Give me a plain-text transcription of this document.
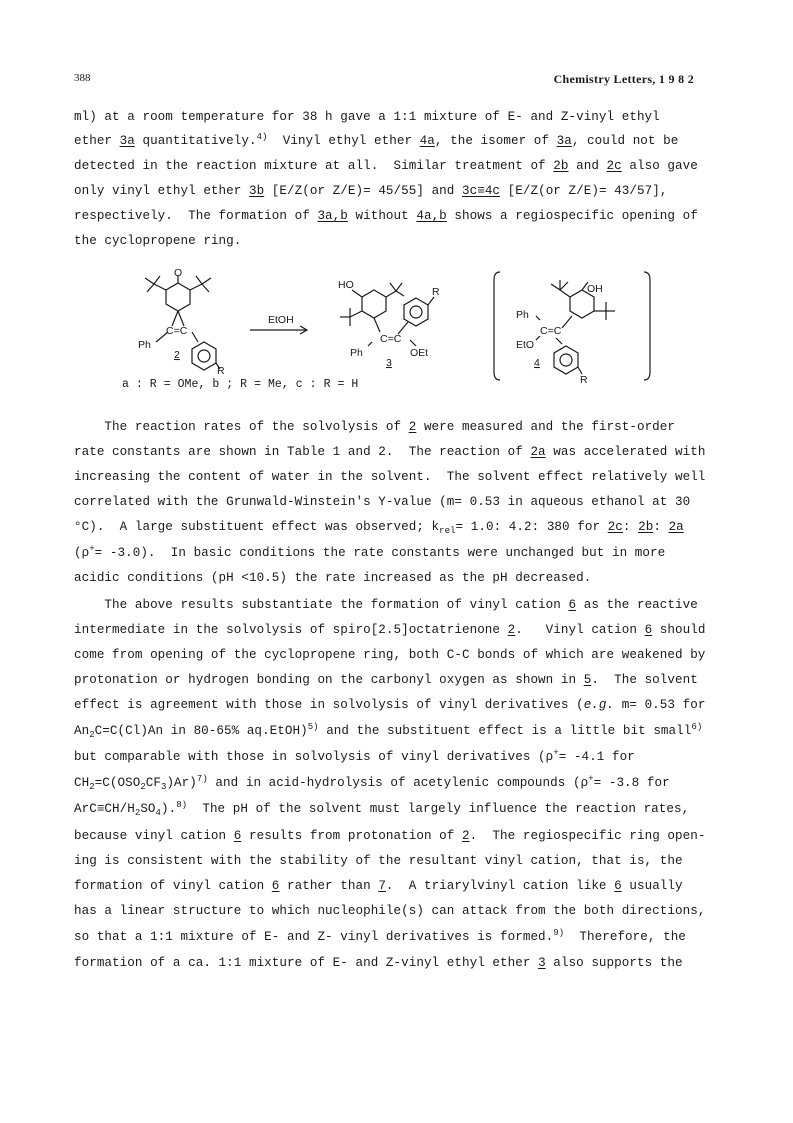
388	Chemistry Letters, 1 9 8 2
ml) at a room temperature for 38 h gave a 1:1 mixture of E- and Z-vinyl ethyl
ether 3a quantitatively.$^{4)}$  Vinyl ethyl ether 4a, the isomer of 3a, could not be
detected in the reaction mixture at all.  Similar treatment of 2b and 2c also gave
only vinyl ethyl ether 3b [E/Z(or Z/E)= 45/55] and 3c≡4c [E/Z(or Z/E)= 43/57],
respectively.  The formation of 3a,b without 4a,b shows a regiospecific opening of
the cyclopropene ring.
O
Ph
C=C
2
R
EtOH
HO
R
C=C
Ph	OEt
3
OH
Ph
C=C
EtO
4
R
a : R = OMe, b ; R = Me, c : R = H
The reaction rates of the solvolysis of 2 were measured and the first-order
rate constants are shown in Table 1 and 2.  The reaction of 2a was accelerated with
increasing the content of water in the solvent.  The solvent effect relatively well
correlated with the Grunwald-Winstein's Y-value (m= 0.53 in aqueous ethanol at 30
°C).  A large substituent effect was observed; $k_{rel}= 1.0$: 4.2: 380 for 2c: 2b: 2a
(ρ+= -3.0).  In basic conditions the rate constants were unchanged but in more
acidic conditions (pH <10.5) the rate increased as the pH decreased.
The above results substantiate the formation of vinyl cation 6 as the reactive
intermediate in the solvolysis of spiro[2.5]octatrienone 2.   Vinyl cation 6 should
come from opening of the cyclopropene ring, both C-C bonds of which are weakened by
protonation or hydrogen bonding on the carbonyl oxygen as shown in 5.  The solvent
effect is agreement with those in solvolysis of vinyl derivatives (e.g. m= 0.53 for
$An_2C=C(Cl)An$ in 80-65% aq.EtOH)$^{5)}$ and the substituent effect is a little bit small$^{6)}$
but comparable with those in solvolysis of vinyl derivatives (ρ+= -4.1 for
$CH_2=C(OSO_2CF_3)Ar)^{7)}$ and in acid-hydrolysis of acetylenic compounds (ρ+= -3.8 for
$ArC\equiv CH/H_2SO_4).^{8)}$  The pH of the solvent must largely influence the reaction rates,
because vinyl cation 6 results from protonation of 2.  The regiospecific ring open-
ing is consistent with the stability of the resultant vinyl cation, that is, the
formation of vinyl cation 6 rather than 7.  A triarylvinyl cation like 6 usually
has a linear structure to which nucleophile(s) can attack from the both directions,
so that a 1:1 mixture of E- and Z- vinyl derivatives is formed.$^{9)}$  Therefore, the
formation of a ca. 1:1 mixture of E- and Z-vinyl ethyl ether 3 also supports the
